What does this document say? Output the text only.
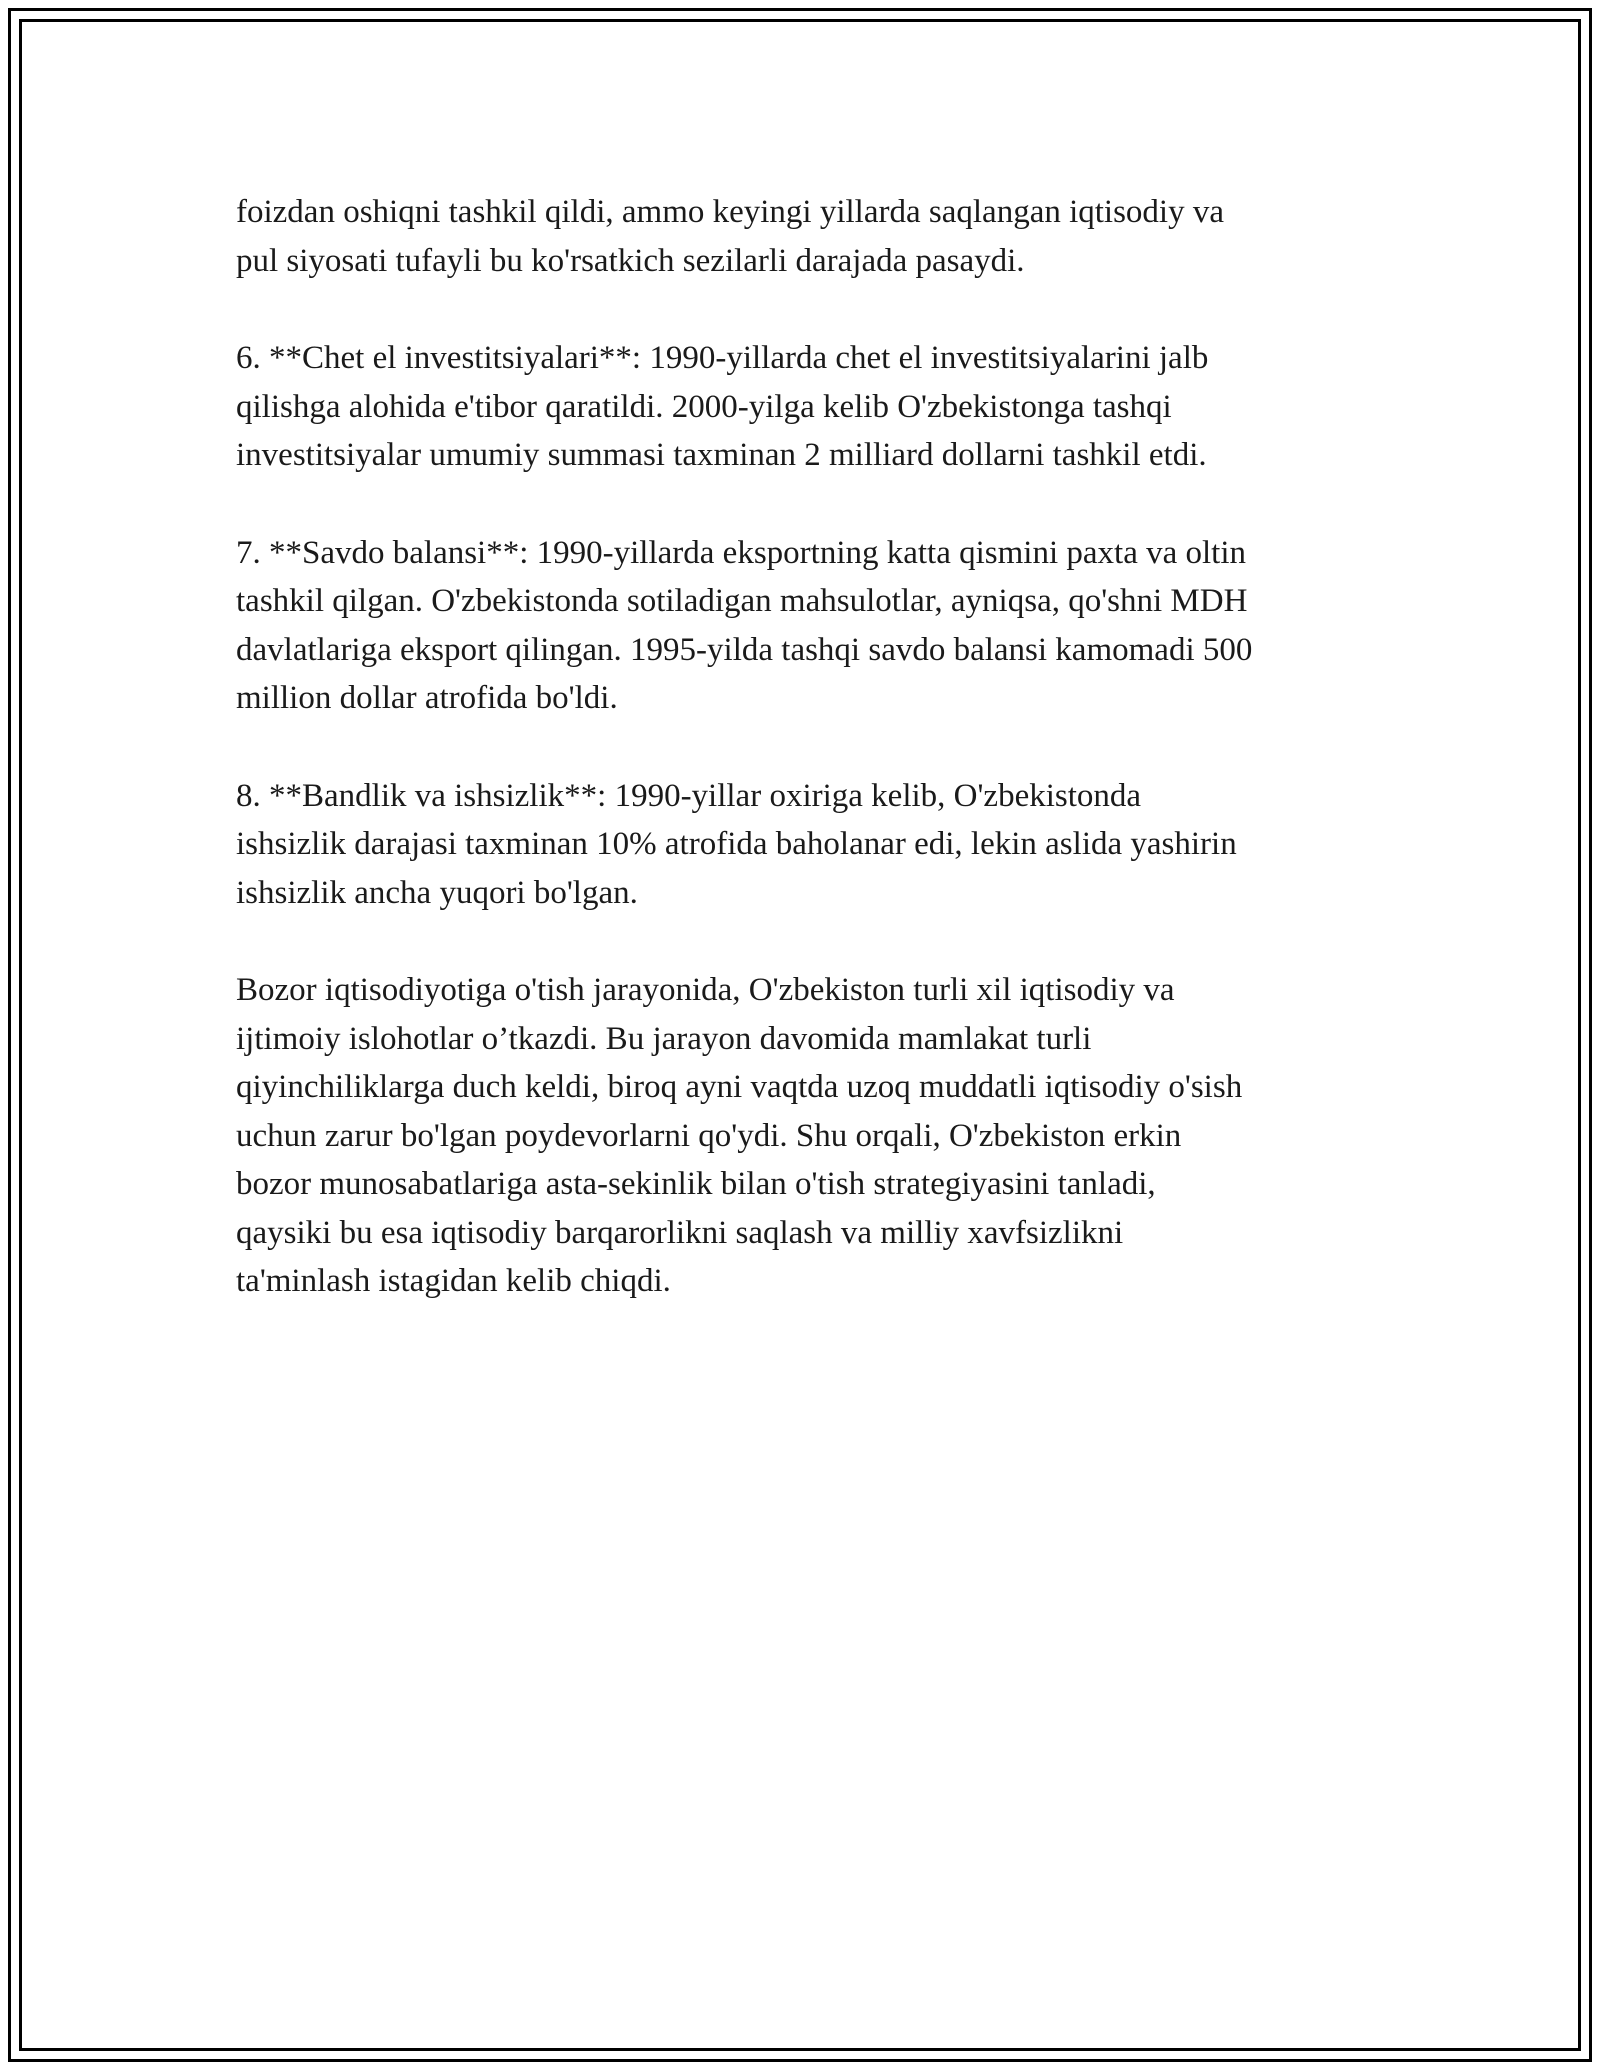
foizdan oshiqni tashkil qildi, ammo keyingi yillarda saqlangan iqtisodiy va
pul siyosati tufayli bu ko'rsatkich sezilarli darajada pasaydi.

6. **Chet el investitsiyalari**: 1990-yillarda chet el investitsiyalarini jalb
qilishga alohida e'tibor qaratildi. 2000-yilga kelib O'zbekistonga tashqi
investitsiyalar umumiy summasi taxminan 2 milliard dollarni tashkil etdi.

7. **Savdo balansi**: 1990-yillarda eksportning katta qismini paxta va oltin
tashkil qilgan. O'zbekistonda sotiladigan mahsulotlar, ayniqsa, qo'shni MDH
davlatlariga eksport qilingan. 1995-yilda tashqi savdo balansi kamomadi 500
million dollar atrofida bo'ldi.

8. **Bandlik va ishsizlik**: 1990-yillar oxiriga kelib, O'zbekistonda
ishsizlik darajasi taxminan 10% atrofida baholanar edi, lekin aslida yashirin
ishsizlik ancha yuqori bo'lgan.

Bozor iqtisodiyotiga o'tish jarayonida, O'zbekiston turli xil iqtisodiy va
ijtimoiy islohotlar o’tkazdi. Bu jarayon davomida mamlakat turli
qiyinchiliklarga duch keldi, biroq ayni vaqtda uzoq muddatli iqtisodiy o'sish
uchun zarur bo'lgan poydevorlarni qo'ydi. Shu orqali, O'zbekiston erkin
bozor munosabatlariga asta-sekinlik bilan o'tish strategiyasini tanladi,
qaysiki bu esa iqtisodiy barqarorlikni saqlash va milliy xavfsizlikni
ta'minlash istagidan kelib chiqdi.
